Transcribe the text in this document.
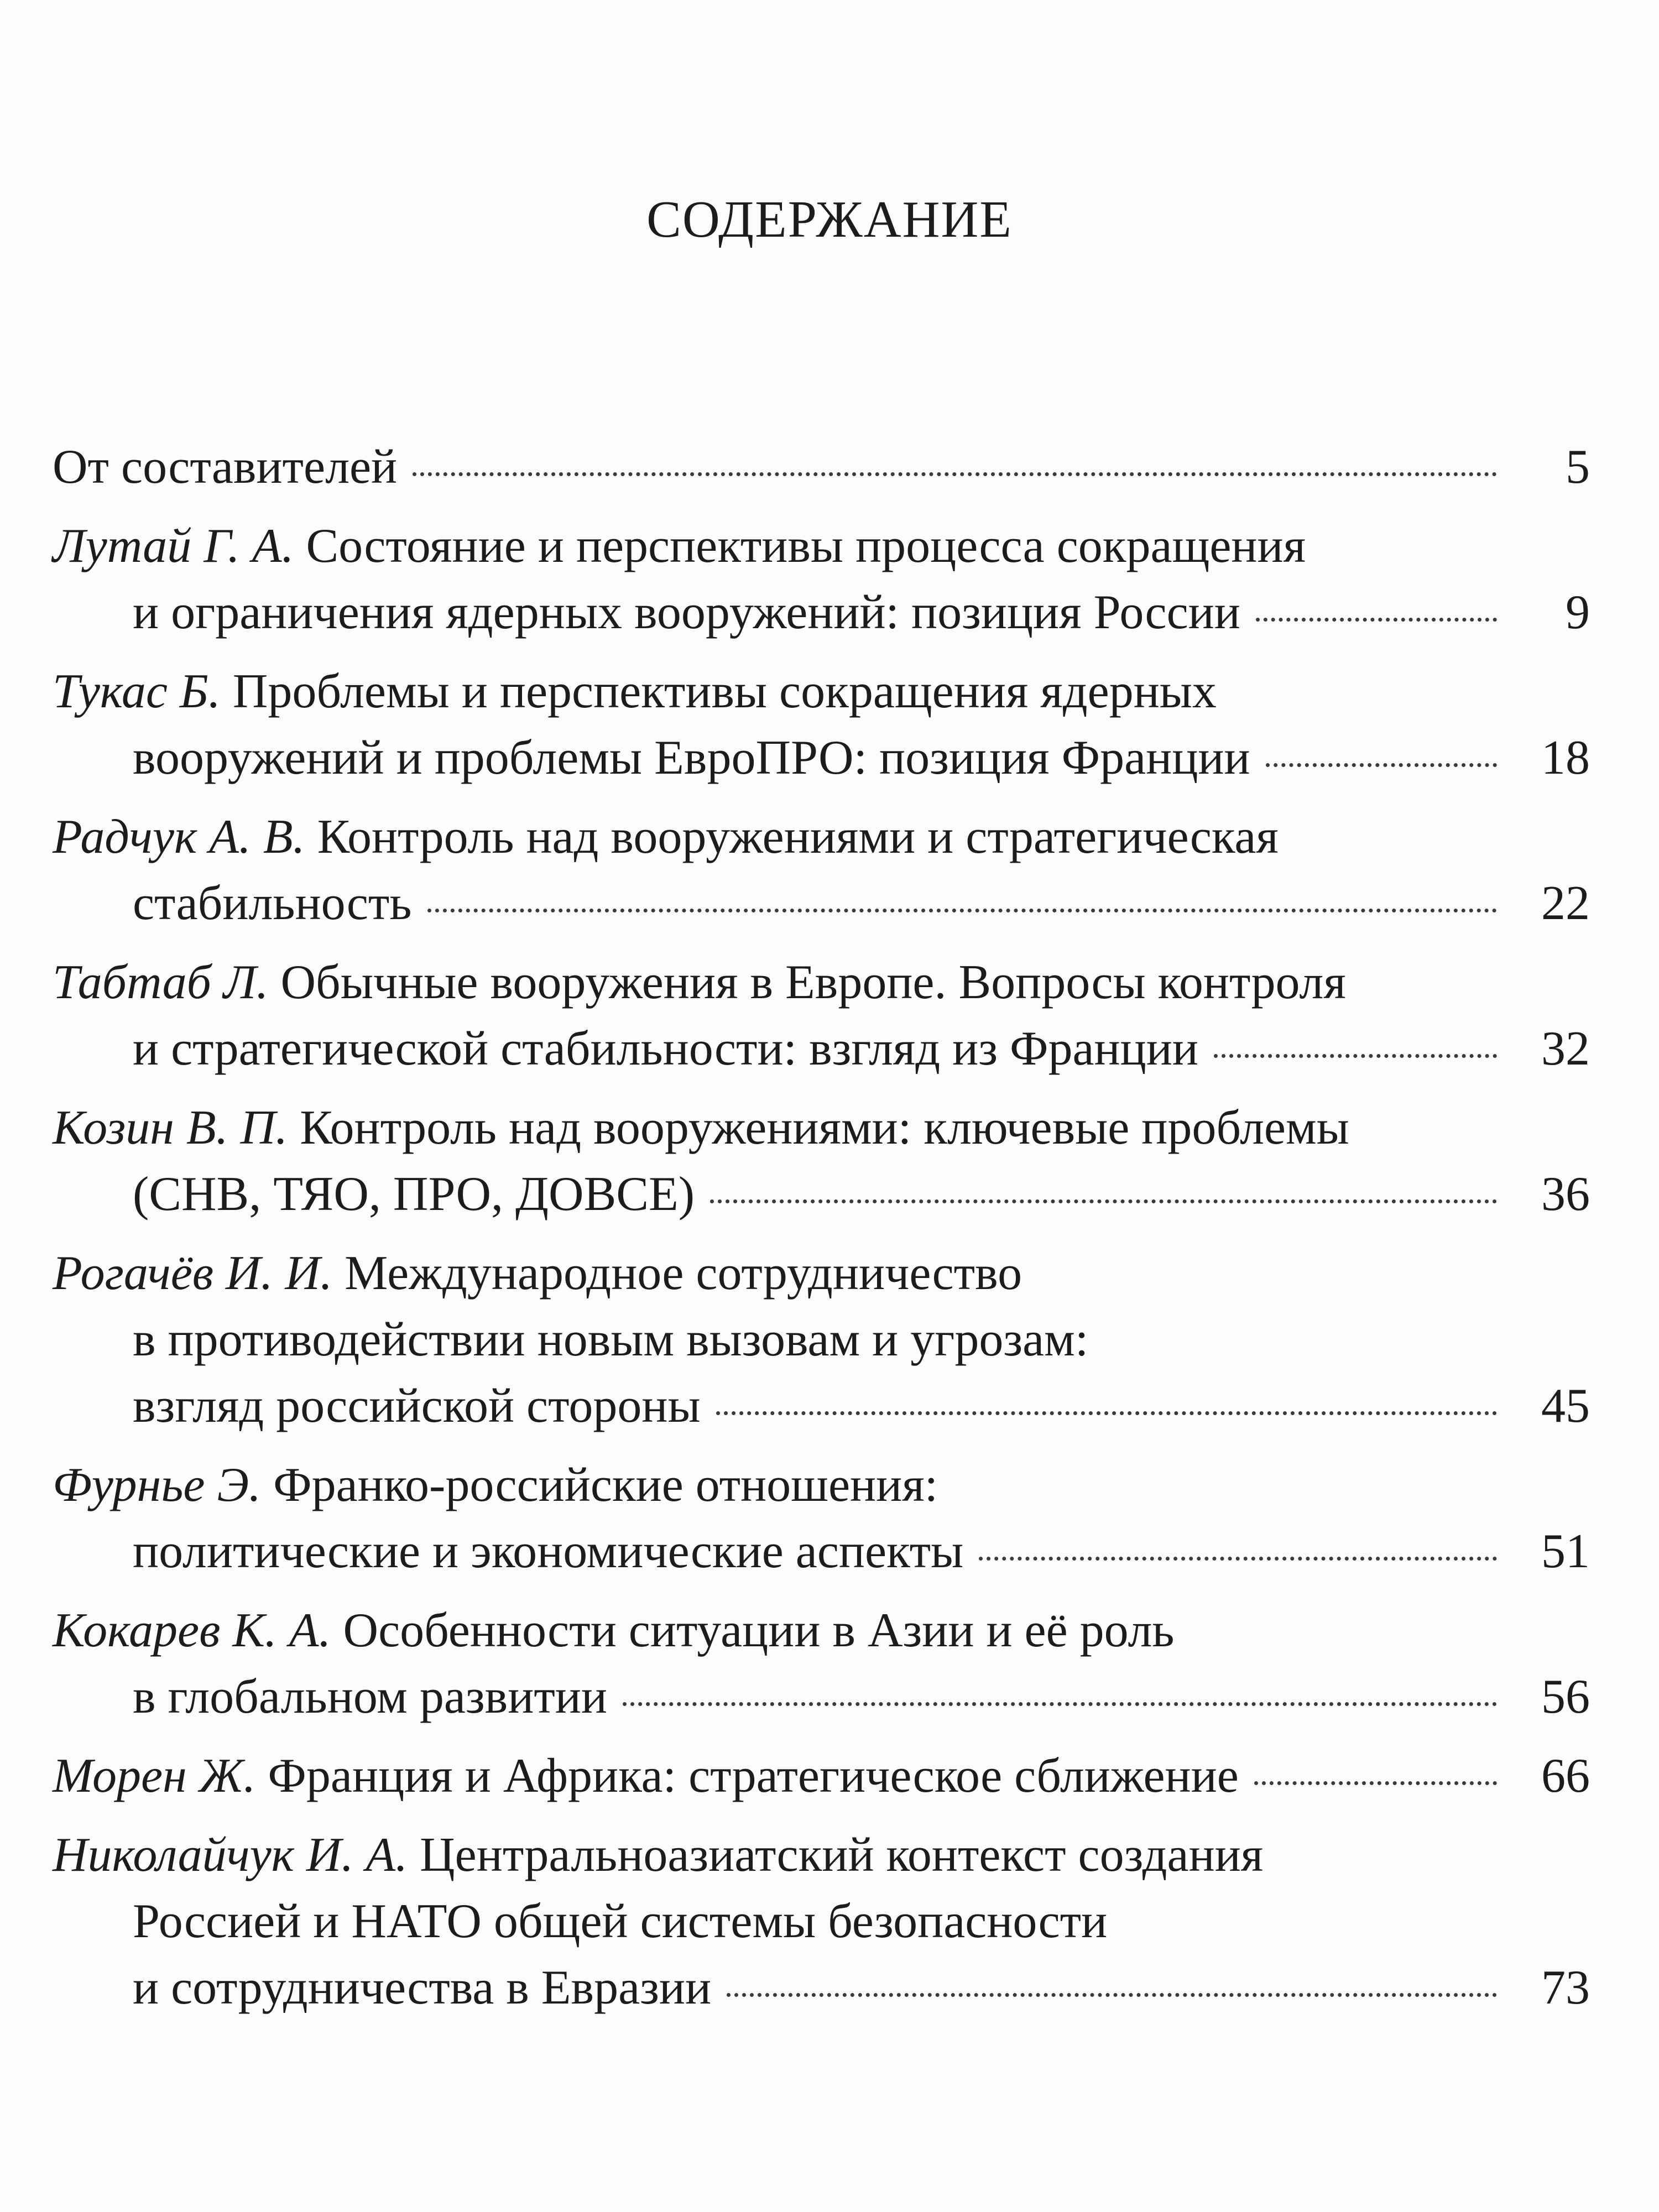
СОДЕРЖАНИЕ
От составителей	5
Лутай Г. А. Состояние и перспективы процесса сокращения
и ограничения ядерных вооружений: позиция России	9
Тукас Б. Проблемы и перспективы сокращения ядерных
вооружений и проблемы ЕвроПРО: позиция Франции	18
Радчук А. В. Контроль над вооружениями и стратегическая
стабильность	22
Табтаб Л. Обычные вооружения в Европе. Вопросы контроля
и стратегической стабильности: взгляд из Франции	32
Козин В. П. Контроль над вооружениями: ключевые проблемы
(СНВ, ТЯО, ПРО, ДОВСЕ)	36
Рогачёв И. И. Международное сотрудничество
в противодействии новым вызовам и угрозам:
взгляд российской стороны	45
Фурнье Э. Франко-российские отношения:
политические и экономические аспекты	51
Кокарев К. А. Особенности ситуации в Азии и её роль
в глобальном развитии	56
Морен Ж. Франция и Африка: стратегическое сближение	66
Николайчук И. А. Центральноазиатский контекст создания
Россией и НАТО общей системы безопасности
и сотрудничества в Евразии	73
